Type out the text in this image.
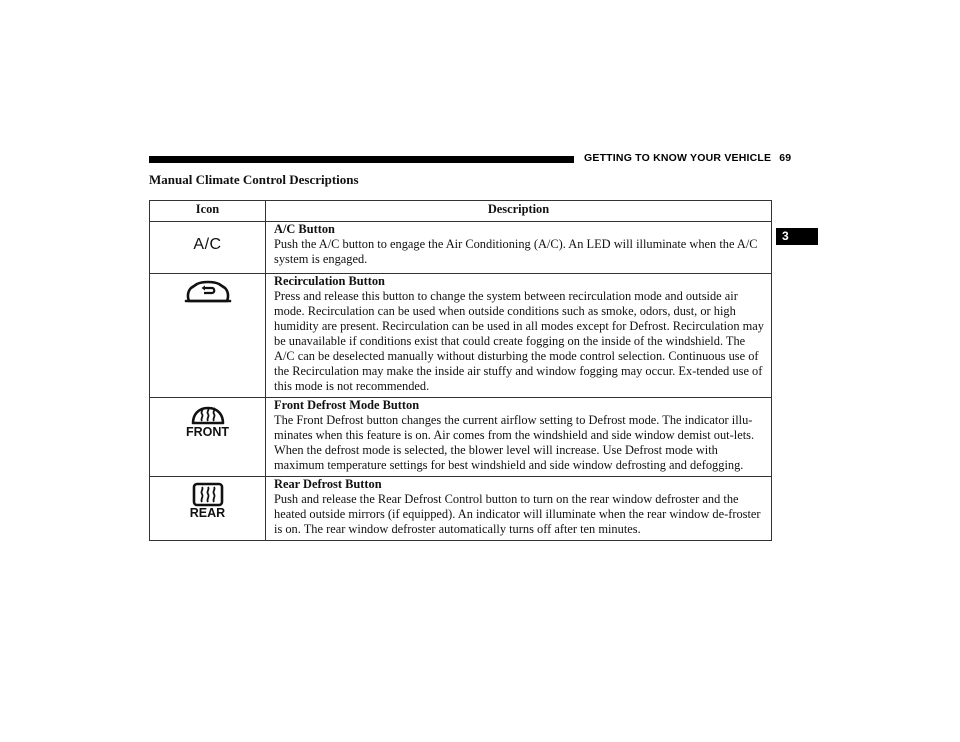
GETTING TO KNOW YOUR VEHICLE 69
3
Manual Climate Control Descriptions
Icon	Description
A/C	A/C Button
Push the A/C button to engage the Air Conditioning (A/C). An LED will illuminate when the A/C system is engaged.

Recirculation Button
Press and release this button to change the system between recirculation mode and outside air mode. Recirculation can be used when outside conditions such as smoke, odors, dust, or high humidity are present. Recirculation can be used in all modes except for Defrost. Recirculation may be unavailable if conditions exist that could create fogging on the inside of the windshield. The A/C can be deselected manually without disturbing the mode control selection. Continuous use of the Recirculation may make the inside air stuffy and window fogging may occur. Ex-tended use of this mode is not recommended.

FRONT	Front Defrost Mode Button
The Front Defrost button changes the current airflow setting to Defrost mode. The indicator illu-minates when this feature is on. Air comes from the windshield and side window demist out-lets. When the defrost mode is selected, the blower level will increase. Use Defrost mode with maximum temperature settings for best windshield and side window defrosting and defogging.

REAR	Rear Defrost Button
Push and release the Rear Defrost Control button to turn on the rear window defroster and the heated outside mirrors (if equipped). An indicator will illuminate when the rear window de-froster is on. The rear window defroster automatically turns off after ten minutes.
